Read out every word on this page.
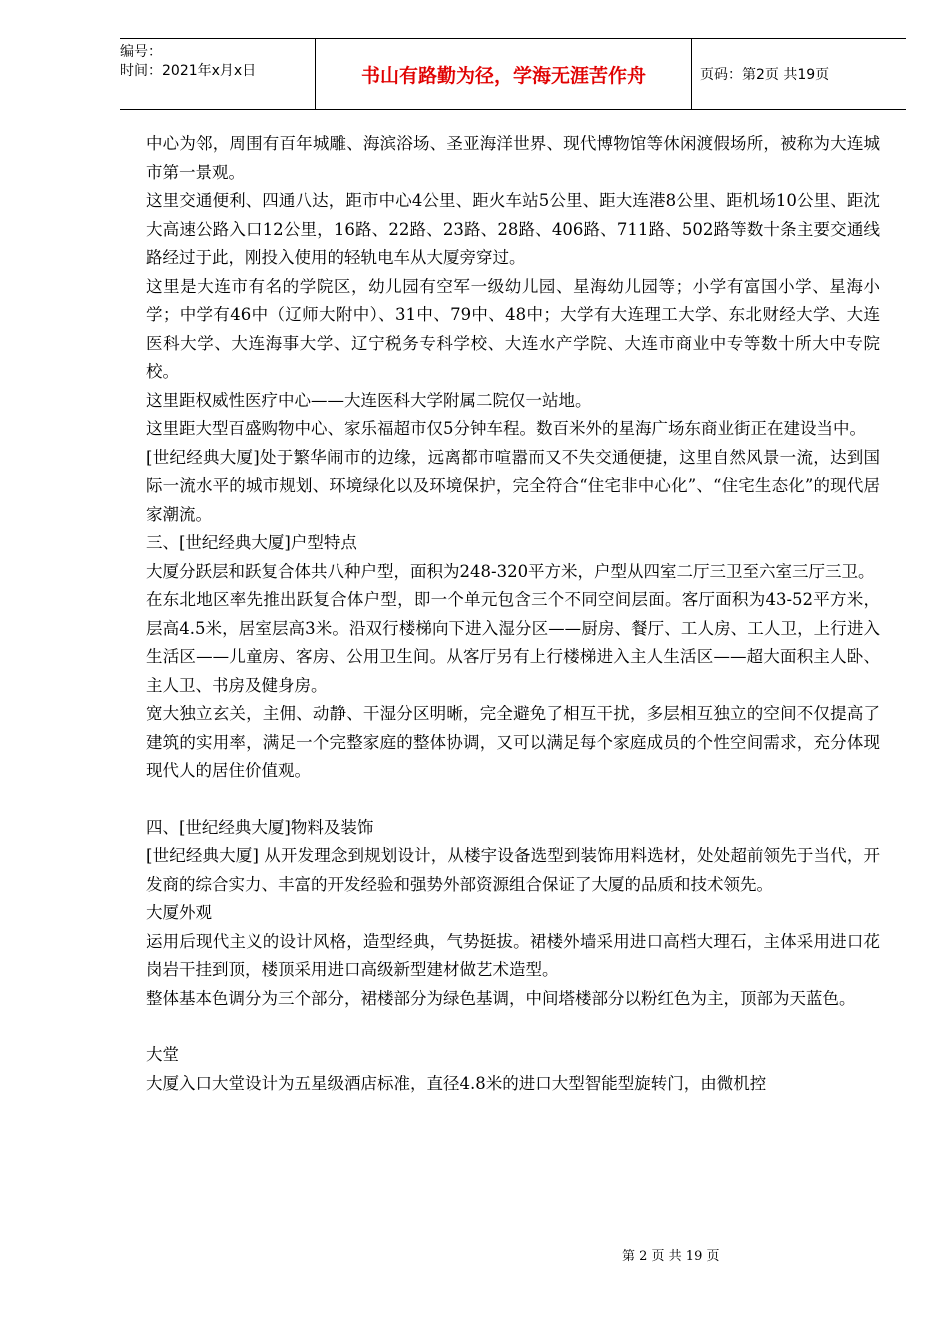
编号：
时间：2021年x月x日	书山有路勤为径，学海无涯苦作舟	页码：第2页 共19页

中心为邻，周围有百年城雕、海滨浴场、圣亚海洋世界、现代博物馆等休闲渡假场所，被称为大连城市第一景观。

这里交通便利、四通八达，距市中心4公里、距火车站5公里、距大连港8公里、距机场10公里、距沈大高速公路入口12公里，16路、22路、23路、28路、406路、711路、502路等数十条主要交通线路经过于此，刚投入使用的轻轨电车从大厦旁穿过。

这里是大连市有名的学院区，幼儿园有空军一级幼儿园、星海幼儿园等；小学有富国小学、星海小学；中学有46中（辽师大附中）、31中、79中、48中；大学有大连理工大学、东北财经大学、大连医科大学、大连海事大学、辽宁税务专科学校、大连水产学院、大连市商业中专等数十所大中专院校。

这里距权威性医疗中心——大连医科大学附属二院仅一站地。

这里距大型百盛购物中心、家乐福超市仅5分钟车程。数百米外的星海广场东商业街正在建设当中。

[世纪经典大厦]处于繁华闹市的边缘，远离都市喧嚣而又不失交通便捷，这里自然风景一流，达到国际一流水平的城市规划、环境绿化以及环境保护，完全符合“住宅非中心化”、“住宅生态化”的现代居家潮流。

三、[世纪经典大厦]户型特点

大厦分跃层和跃复合体共八种户型，面积为248-320平方米，户型从四室二厅三卫至六室三厅三卫。

在东北地区率先推出跃复合体户型，即一个单元包含三个不同空间层面。客厅面积为43-52平方米，层高4.5米，居室层高3米。沿双行楼梯向下进入湿分区——厨房、餐厅、工人房、工人卫，上行进入生活区——儿童房、客房、公用卫生间。从客厅另有上行楼梯进入主人生活区——超大面积主人卧、主人卫、书房及健身房。

宽大独立玄关，主佣、动静、干湿分区明晰，完全避免了相互干扰，多层相互独立的空间不仅提高了建筑的实用率，满足一个完整家庭的整体协调，又可以满足每个家庭成员的个性空间需求，充分体现现代人的居住价值观。

四、[世纪经典大厦]物料及装饰

[世纪经典大厦] 从开发理念到规划设计，从楼宇设备选型到装饰用料选材，处处超前领先于当代，开发商的综合实力、丰富的开发经验和强势外部资源组合保证了大厦的品质和技术领先。

大厦外观

运用后现代主义的设计风格，造型经典，气势挺拔。裙楼外墙采用进口高档大理石，主体采用进口花岗岩干挂到顶，楼顶采用进口高级新型建材做艺术造型。

整体基本色调分为三个部分，裙楼部分为绿色基调，中间塔楼部分以粉红色为主，顶部为天蓝色。

大堂

大厦入口大堂设计为五星级酒店标准，直径4.8米的进口大型智能型旋转门，由微机控

第 2 页 共 19 页
